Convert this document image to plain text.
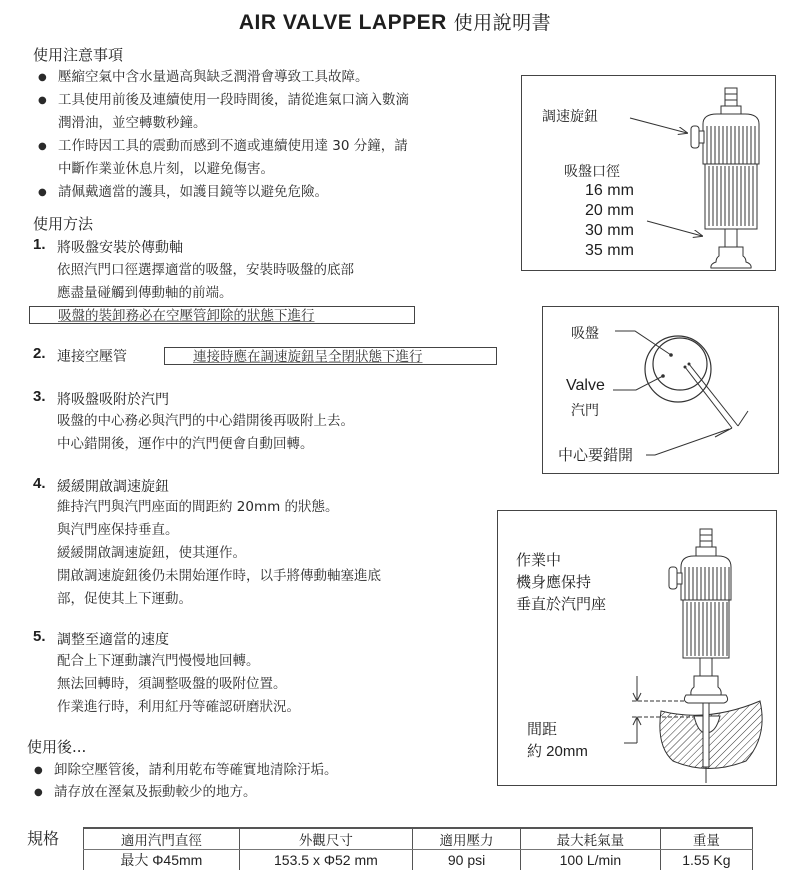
AIR VALVE LAPPER 使用說明書
使用注意事項
● 壓縮空氣中含水量過高與缺乏潤滑會導致工具故障。
● 工具使用前後及連續使用一段時間後，請從進氣口滴入數滴
潤滑油，並空轉數秒鐘。
● 工作時因工具的震動而感到不適或連續使用達 30 分鐘，請
中斷作業並休息片刻，以避免傷害。
● 請佩戴適當的護具，如護目鏡等以避免危險。
使用方法
1. 將吸盤安裝於傳動軸
依照汽門口徑選擇適當的吸盤，安裝時吸盤的底部
應盡量碰觸到傳動軸的前端。
吸盤的裝卸務必在空壓管卸除的狀態下進行
2. 連接空壓管	連接時應在調速旋鈕呈全閉狀態下進行
3. 將吸盤吸附於汽門
吸盤的中心務必與汽門的中心錯開後再吸附上去。
中心錯開後，運作中的汽門便會自動回轉。
4. 緩緩開啟調速旋鈕
維持汽門與汽門座面的間距約 20mm 的狀態。
與汽門座保持垂直。
緩緩開啟調速旋鈕，使其運作。
開啟調速旋鈕後仍未開始運作時，以手將傳動軸塞進底
部，促使其上下運動。
5. 調整至適當的速度
配合上下運動讓汽門慢慢地回轉。
無法回轉時，須調整吸盤的吸附位置。
作業進行時，利用紅丹等確認研磨狀況。
使用後...
● 卸除空壓管後，請利用乾布等確實地清除汙垢。
● 請存放在溼氣及振動較少的地方。
調速旋鈕
吸盤口徑
16 mm
20 mm
30 mm
35 mm
吸盤
Valve
汽門
中心要錯開
作業中
機身應保持
垂直於汽門座
間距
約 20mm
規格	適用汽門直徑	外觀尺寸	適用壓力	最大耗氣量	重量
最大 Φ45mm	153.5 x Φ52 mm	90 psi	100 L/min	1.55 Kg
